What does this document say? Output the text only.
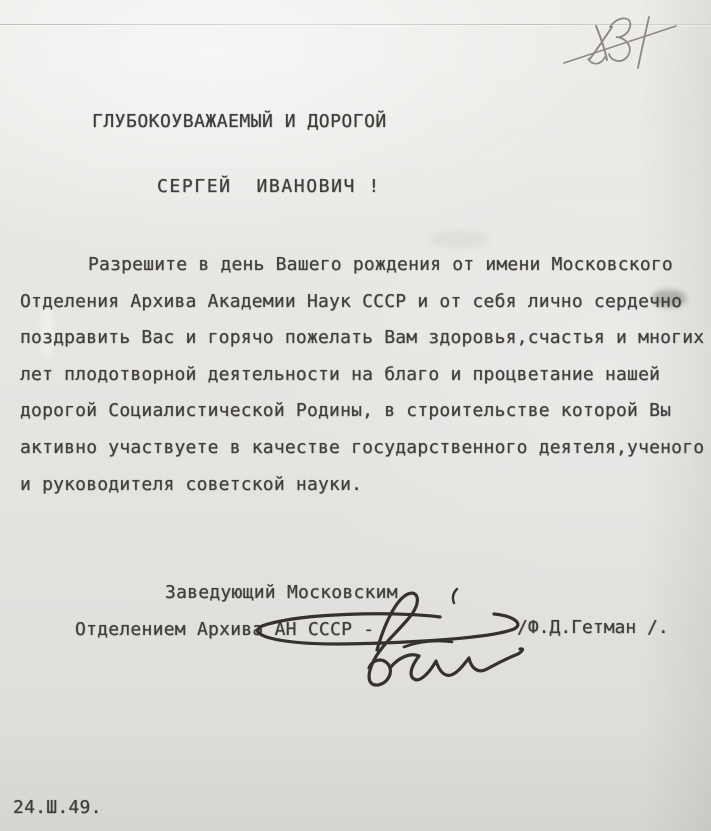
ГЛУБОКОУВАЖАЕМЫЙ И ДОРОГОЙ
СЕРГЕЙ  ИВАНОВИЧ !
Разрешите в день Вашего рождения от имени Московского
Отделения Архива Академии Наук СССР и от себя лично сердечно
поздравить Вас и горячо пожелать Вам здоровья,счастья и многих
лет плодотворной деятельности на благо и процветание нашей
дорогой Социалистической Родины, в строительстве которой Вы
активно участвуете в качестве государственного деятеля,ученого
и руководителя советской науки.
Заведующий Московским
Отделением Архива АН СССР -	/Ф.Д.Гетман /.
24.Ш.49.
